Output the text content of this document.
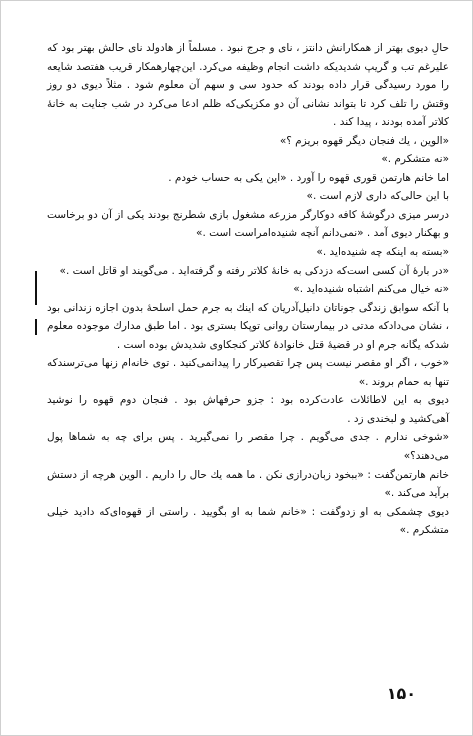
حالِ دیوی بهتر از همکارانش دانتز ، نای و جرج نبود . مسلماً از هادولد نای حالش بهتر بود که علیرغم تب و گریپ شدیدیکه داشت انجام وظیفه می‌کرد. این‌چهارهمکار قریب هفتصد شایعه را مورد رسیدگی قرار داده بودند که حدود سی و سهم آن معلوم شود . مثلاً دیوی دو روز وقتش را تلف کرد تا بتواند نشانی آن دو مکزیکی‌که ظلم ادعا می‌کرد در شب جنایت به خانهٔ کلاتر آمده بودند ، پیدا کند .

«الوین ، یك فنجان دیگر قهوه بریزم ؟»

«نه متشکرم .»

اما خانم هارتمن قوری قهوه را آورد . «این یکی به حساب خودم .

با این حالی‌که داری لازم است .»

درسر میزی درگوشهٔ کافه دوکارگر مزرعه مشغول بازی شطرنج بودند یکی از آن دو برخاست و بهکنار دیوی آمد . «نمی‌دانم آنچه شنیده‌امراست است .»

«بسته به اینکه چه شنیده‌اید .»

«در بارهٔ آن کسی است‌که دزدکی به خانهٔ کلاتر رفته و گرفته‌اید . می‌گویند او قاتل است .»

«نه خیال می‌کنم اشتباه شنیده‌اید .»

با آنکه سوابق زندگی جوناتان دانیل‌آدریان که اینك به جرم حمل اسلحهٔ بدون اجازه زندانی بود ، نشان می‌دادکه مدتی در بیمارستان روانی توپکا بستری بود . اما طبق مدارك موجوده معلوم شدکه یگانه جرم او در قضیهٔ قتل خانوادهٔ کلاتر کنجکاوی شدیدش بوده است .

«خوب ، اگر او مقصر نیست پس چرا تقصیرکار را پیدانمی‌کنید . توی خانه‌ام زنها می‌ترسندکه تنها به حمام بروند .»

دیوی به این لاطائلات عادت‌کرده بود : جزو حرفهاش بود . فنجان دوم قهوه را نوشید آهی‌کشید و لبخندی زد .

«شوخی ندارم . جدی می‌گویم . چرا مقصر را نمی‌گیرید . پس برای چه به شماها پول می‌دهند؟»

خانم هارتمن‌گفت : «ببخود زبان‌درازی نکن . ما همه یك حال را داریم . الوین هرچه از دستش برآید می‌کند .»

دیوی چشمکی به او زدوگفت : «خانم شما به او بگویید . راستی از قهوه‌ای‌که دادید خیلی متشکرم .»

۱۵۰
